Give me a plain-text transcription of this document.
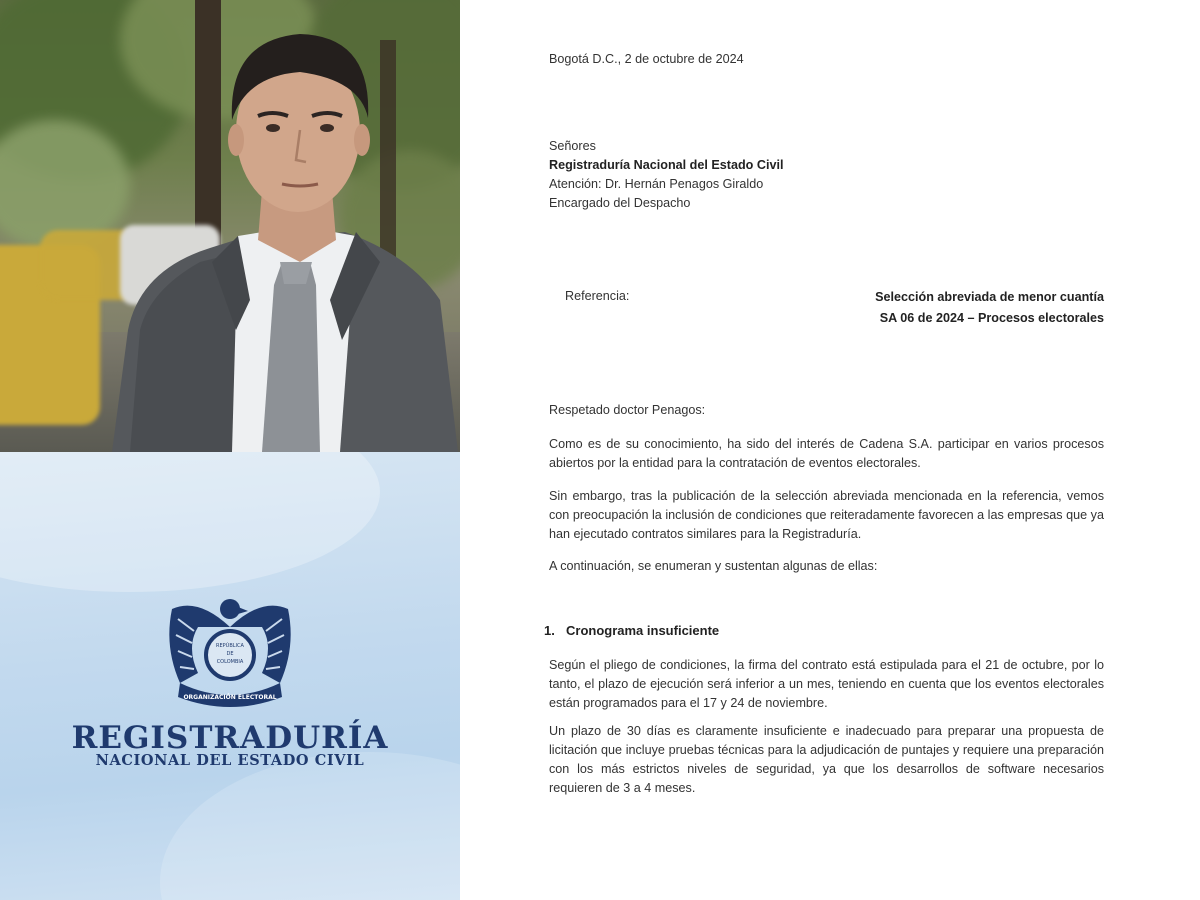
REPÚBLICA
DE
COLOMBIA
ORGANIZACIÓN ELECTORAL
REGISTRADURÍA
NACIONAL DEL ESTADO CIVIL
Bogotá D.C., 2 de octubre de 2024
Señores
Registraduría Nacional del Estado Civil
Atención: Dr. Hernán Penagos Giraldo
Encargado del Despacho
Referencia:	Selección abreviada de menor cuantía
SA 06 de 2024 – Procesos electorales
Respetado doctor Penagos:
Como es de su conocimiento, ha sido del interés de Cadena S.A. participar en varios procesos abiertos por la entidad para la contratación de eventos electorales.
Sin embargo, tras la publicación de la selección abreviada mencionada en la referencia, vemos con preocupación la inclusión de condiciones que reiteradamente favorecen a las empresas que ya han ejecutado contratos similares para la Registraduría.
A continuación, se enumeran y sustentan algunas de ellas:
1. Cronograma insuficiente
Según el pliego de condiciones, la firma del contrato está estipulada para el 21 de octubre, por lo tanto, el plazo de ejecución será inferior a un mes, teniendo en cuenta que los eventos electorales están programados para el 17 y 24 de noviembre.
Un plazo de 30 días es claramente insuficiente e inadecuado para preparar una propuesta de licitación que incluye pruebas técnicas para la adjudicación de puntajes y requiere una preparación con los más estrictos niveles de seguridad, ya que los desarrollos de software necesarios requieren de 3 a 4 meses.
